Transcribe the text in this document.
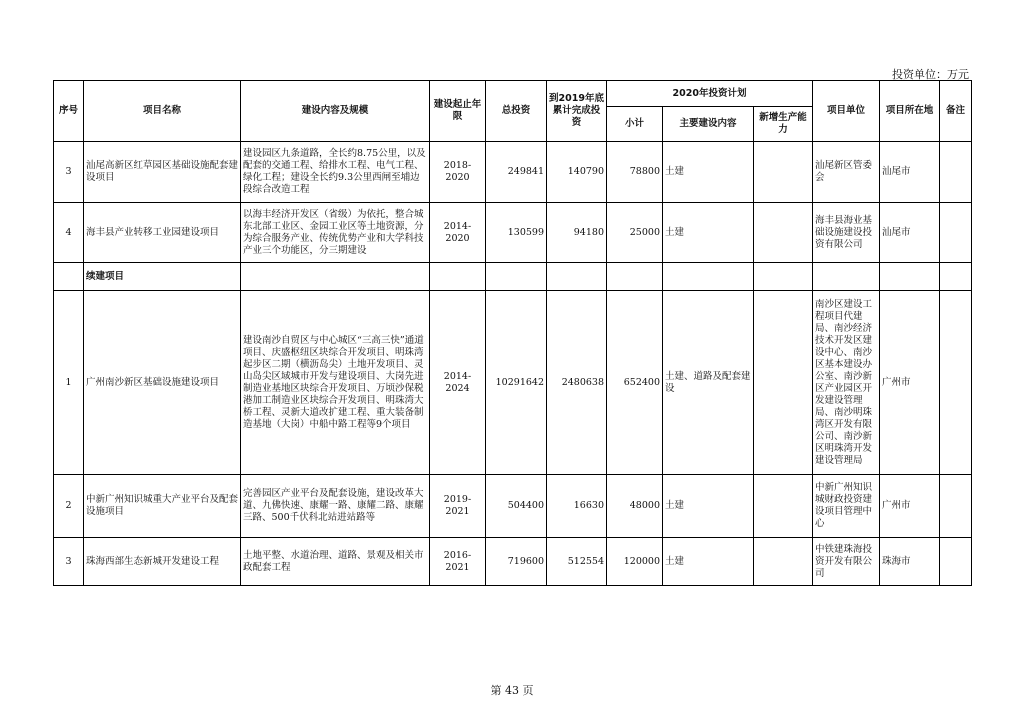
投资单位：万元
序号	项目名称	建设内容及规模	建设起止年限	总投资	到2019年底累计完成投资	2020年投资计划			项目单位	项目所在地	备注
						小计	主要建设内容	新增生产能力			
3	汕尾高新区红草园区基础设施配套建设项目	建设园区九条道路，全长约8.75公里，以及配套的交通工程、给排水工程、电气工程、绿化工程；建设全长约9.3公里西闸至埔边段综合改造工程	2018-2020	249841	140790	78800	土建		汕尾新区管委会	汕尾市	
4	海丰县产业转移工业园建设项目	以海丰经济开发区（省级）为依托，整合城东北部工业区、金园工业区等土地资源，分为综合服务产业、传统优势产业和大学科技产业三个功能区，分三期建设	2014-2020	130599	94180	25000	土建		海丰县海业基础设施建设投资有限公司	汕尾市	
	续建项目										
1	广州南沙新区基础设施建设项目	建设南沙自贸区与中心城区“三高三快”通道项目、庆盛枢纽区块综合开发项目、明珠湾起步区二期（横沥岛尖）土地开发项目、灵山岛尖区域城市开发与建设项目、大岗先进制造业基地区块综合开发项目、万顷沙保税港加工制造业区块综合开发项目、明珠湾大桥工程、灵新大道改扩建工程、重大装备制造基地（大岗）中船中路工程等9个项目	2014-2024	10291642	2480638	652400	土建、道路及配套建设		南沙区建设工程项目代建局、南沙经济技术开发区建设中心、南沙区基本建设办公室、南沙新区产业园区开发建设管理局、南沙明珠湾区开发有限公司、南沙新区明珠湾开发建设管理局	广州市	
2	中新广州知识城重大产业平台及配套设施项目	完善园区产业平台及配套设施，建设改革大道、九佛快速、康耀一路、康耀二路、康耀三路、500千伏科北站进站路等	2019-2021	504400	16630	48000	土建		中新广州知识城财政投资建设项目管理中心	广州市	
3	珠海西部生态新城开发建设工程	土地平整、水道治理、道路、景观及相关市政配套工程	2016-2021	719600	512554	120000	土建		中铁建珠海投资开发有限公司	珠海市	
第 43 页
